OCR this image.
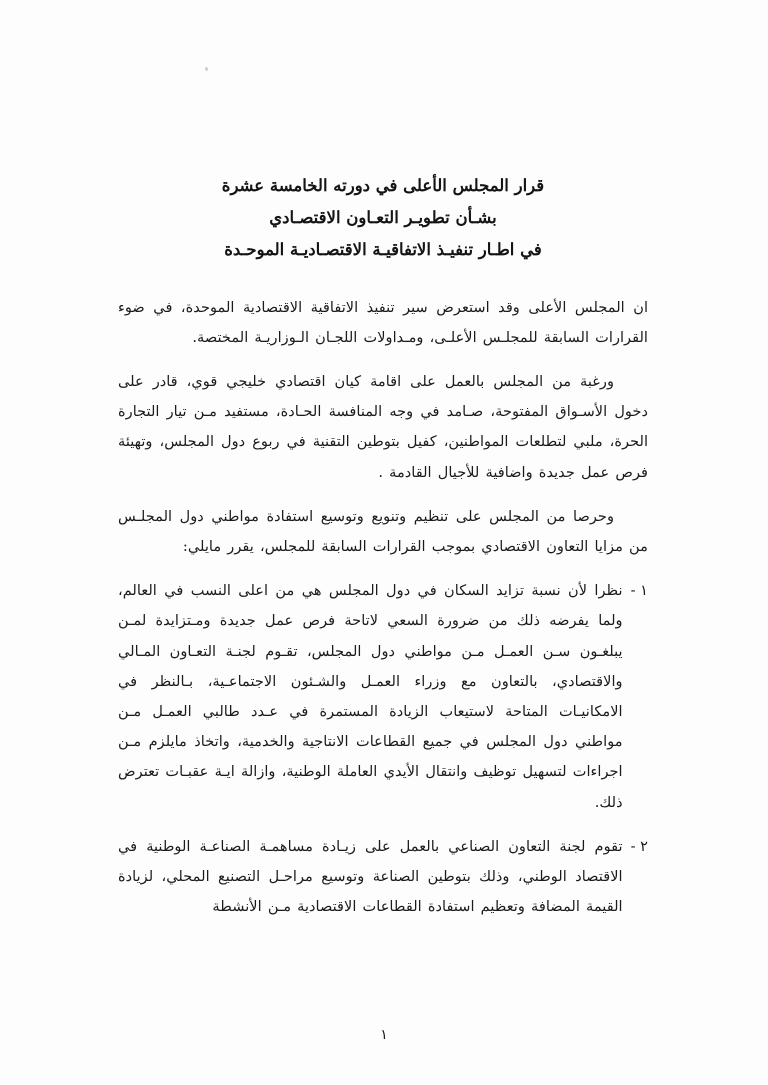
قرار المجلس الأعلى في دورته الخامسة عشرة
بشـأن تطويـر التعـاون الاقتصـادي
في اطـار تنفيـذ الاتفاقيـة الاقتصـاديـة الموحـدة

ان المجلس الأعلى وقد استعرض سير تنفيذ الاتفاقية الاقتصادية الموحدة، في ضوء القرارات السابقة للمجلـس الأعلـى، ومـداولات اللجـان الـوزاريـة المختصة.

ورغبة من المجلس بالعمل على اقامة كيان اقتصادي خليجي قوي، قادر على دخول الأسـواق المفتوحة، صـامد في وجه المنافسة الحـادة، مستفيد مـن تيار التجارة الحرة، ملبي لتطلعات المواطنين، كفيل بتوطين التقنية في ربوع دول المجلس، وتهيئة فرص عمل جديدة واضافية للأجيال القادمة .

وحرصا من المجلس على تنظيم وتنويع وتوسيع استفادة مواطني دول المجلـس من مزايا التعاون الاقتصادي بموجب القرارات السابقة للمجلس، يقرر مايلي:

١ -
نظرا لأن نسبة تزايد السكان في دول المجلس هي من اعلى النسب في العالم، ولما يفرضه ذلك من ضرورة السعي لاتاحة فرص عمل جديدة ومـتزايدة لمـن يبلغـون سـن العمـل مـن مواطني دول المجلس، تقـوم لجنـة التعـاون المـالي والاقتصادي، بالتعاون مع وزراء العمـل والشـئون الاجتماعـية، بـالنظر في الامكانيـات المتاحة لاستيعاب الزيادة المستمرة في عـدد طالبي العمـل مـن مواطني دول المجلس في جميع القطاعات الانتاجية والخدمية، واتخاذ مايلزم مـن اجراءات لتسهيل توظيف وانتقال الأيدي العاملة الوطنية، وازالة ايـة عقبـات تعترض ذلك.
٢ -
تقوم لجنة التعاون الصناعي بالعمل على زيـادة مساهمـة الصناعـة الوطنية في الاقتصاد الوطني، وذلك بتوطين الصناعة وتوسيع مراحـل التصنيع المحلي، لزيادة القيمة المضافة وتعظيم استفادة القطاعات الاقتصادية مـن الأنشطة
١
